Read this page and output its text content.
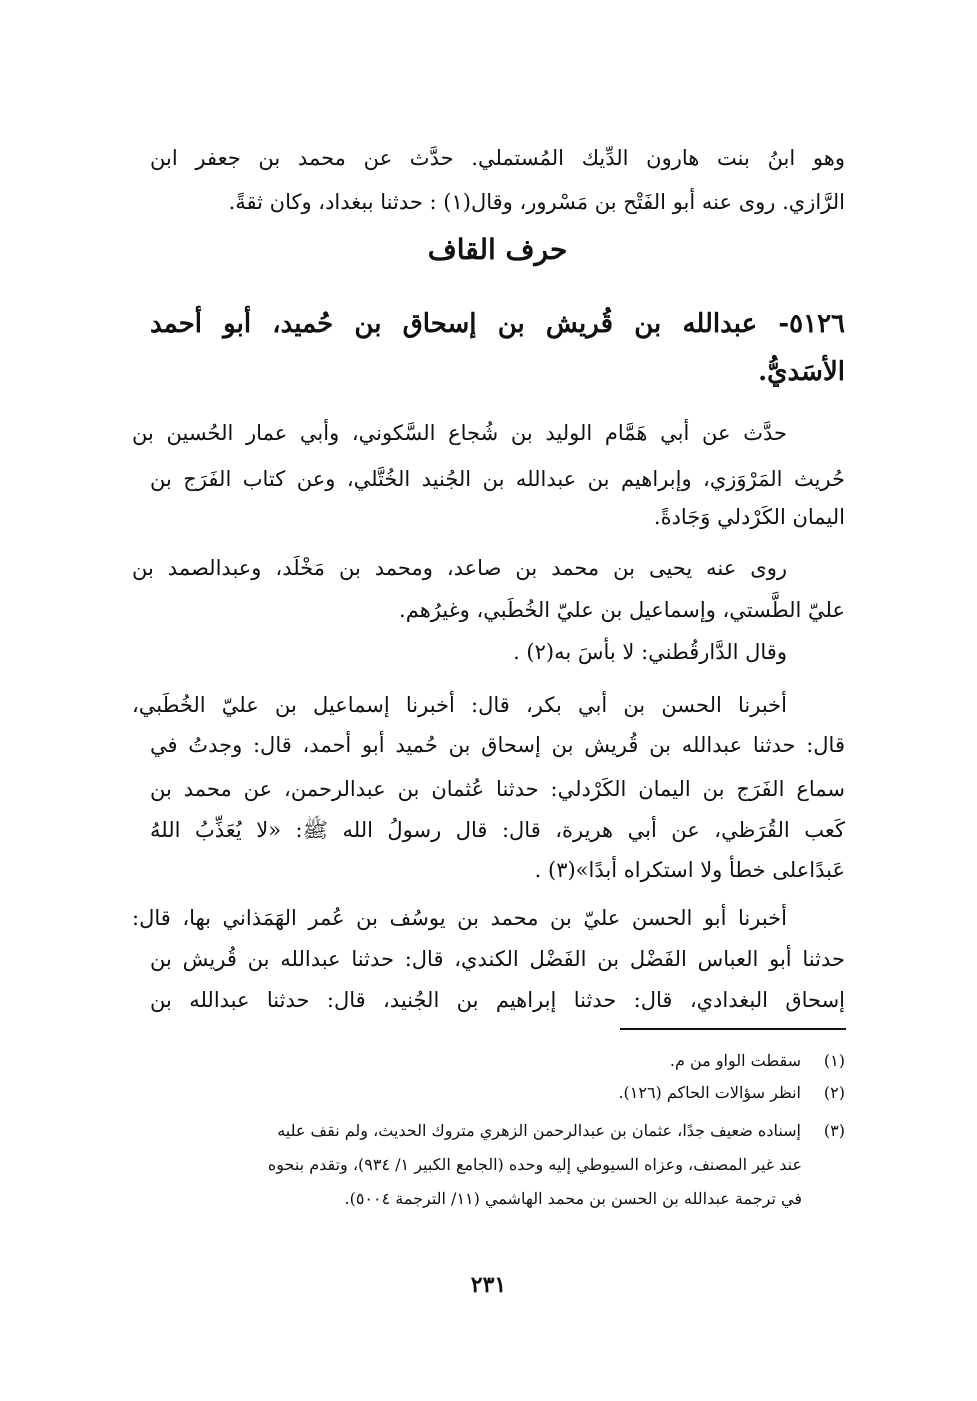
وهو ابنُ بنت هارون الدِّيك المُستملي. حدَّث عن محمد بن جعفر ابن
الرَّازي. روى عنه أبو الفَتْح بن مَسْرور، وقال(١) : حدثنا ببغداد، وكان ثقةً.
حرف القاف
٥١٢٦- عبدالله بن قُريش بن إسحاق بن حُميد، أبو أحمد
الأسَديُّ.
حدَّث عن أبي هَمَّام الوليد بن شُجاع السَّكوني، وأبي عمار الحُسين بن
حُريث المَرْوَزي، وإبراهيم بن عبدالله بن الجُنيد الخُتَّلي، وعن كتاب الفَرَج بن
اليمان الكَرْدلي وَجَادةً.
روى عنه يحيى بن محمد بن صاعد، ومحمد بن مَخْلَد، وعبدالصمد بن
عليّ الطَّستي، وإسماعيل بن عليّ الخُطَبي، وغيرُهم.
وقال الدَّارقُطني: لا بأسَ به(٢) .
أخبرنا الحسن بن أبي بكر، قال: أخبرنا إسماعيل بن عليّ الخُطَبي،
قال: حدثنا عبدالله بن قُريش بن إسحاق بن حُميد أبو أحمد، قال: وجدتُ في
سماع الفَرَج بن اليمان الكَرْدلي: حدثنا عُثمان بن عبدالرحمن، عن محمد بن
كَعب القُرَظي، عن أبي هريرة، قال: قال رسولُ الله ﷺ: «لا يُعَذِّبُ اللهُ
عَبدًاعلى خطأ ولا استكراه أبدًا»(٣) .
أخبرنا أبو الحسن عليّ بن محمد بن يوسُف بن عُمر الهَمَذاني بها، قال:
حدثنا أبو العباس الفَضْل بن الفَضْل الكندي، قال: حدثنا عبدالله بن قُريش بن
إسحاق البغدادي، قال: حدثنا إبراهيم بن الجُنيد، قال: حدثنا عبدالله بن
(١)سقطت الواو من م.
(٢)انظر سؤالات الحاكم (١٢٦).
(٣)إسناده ضعيف جدًا، عثمان بن عبدالرحمن الزهري متروك الحديث، ولم نقف عليه
عند غير المصنف، وعزاه السيوطي إليه وحده (الجامع الكبير ١/ ٩٣٤)، وتقدم بنحوه
في ترجمة عبدالله بن الحسن بن محمد الهاشمي (١١/ الترجمة ٥٠٠٤).
٢٣١
